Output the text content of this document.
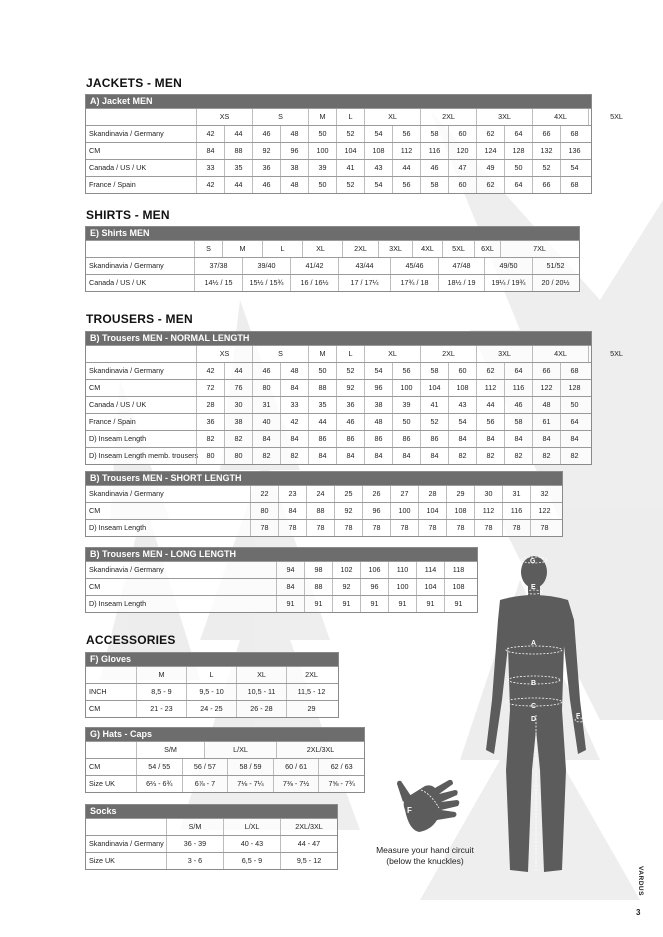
JACKETS - MEN
SHIRTS - MEN
TROUSERS - MEN
ACCESSORIES
A) Jacket MEN
XS	S	M	L	XL	2XL	3XL	4XL	5XL
Skandinavia / Germany	42	44	46	48	50	52	54	56	58	60	62	64	66	68
CM	84	88	92	96	100	104	108	112	116	120	124	128	132	136
Canada / US / UK	33	35	36	38	39	41	43	44	46	47	49	50	52	54
France / Spain	42	44	46	48	50	52	54	56	58	60	62	64	66	68
E) Shirts MEN
S	M	L	XL	2XL	3XL	4XL	5XL	6XL	7XL
Skandinavia / Germany	37/38	39/40	41/42	43/44	45/46	47/48	49/50	51/52
Canada / US / UK	14½ / 15	15½ / 15¾	16 / 16½	17 / 17¼	17¾ / 18	18½ / 19	19¼ / 19¾	20 / 20½
B) Trousers MEN - NORMAL LENGTH
XS	S	M	L	XL	2XL	3XL	4XL	5XL
Skandinavia / Germany	42	44	46	48	50	52	54	56	58	60	62	64	66	68
CM	72	76	80	84	88	92	96	100	104	108	112	116	122	128
Canada / US / UK	28	30	31	33	35	36	38	39	41	43	44	46	48	50
France / Spain	36	38	40	42	44	46	48	50	52	54	56	58	61	64
D) Inseam Length	82	82	84	84	86	86	86	86	86	84	84	84	84	84
D) Inseam Length memb. trousers	80	80	82	82	84	84	84	84	84	82	82	82	82	82
B) Trousers MEN - SHORT LENGTH
Skandinavia / Germany	22	23	24	25	26	27	28	29	30	31	32
CM	80	84	88	92	96	100	104	108	112	116	122
D) Inseam Length	78	78	78	78	78	78	78	78	78	78	78
B) Trousers MEN - LONG LENGTH
Skandinavia / Germany	94	98	102	106	110	114	118
CM	84	88	92	96	100	104	108
D) Inseam Length	91	91	91	91	91	91	91
F) Gloves
M	L	XL	2XL
INCH	8,5 - 9	9,5 - 10	10,5 - 11	11,5 - 12
CM	21 - 23	24 - 25	26 - 28	29
G) Hats - Caps
S/M	L/XL	2XL/3XL
CM	54 / 55	56 / 57	58 / 59	60 / 61	62 / 63
Size UK	6⅔ - 6¾	6⅞ - 7	7⅛ - 7¼	7⅜ - 7½	7⅝ - 7¾
Socks
S/M	L/XL	2XL/3XL
Skandinavia / Germany	36 - 39	40 - 43	44 - 47
Size UK	3 - 6	6,5 - 9	9,5 - 12
G
E
A
B
C
D	F
F
Measure your hand circuit
(below the knuckles)
VARDUS
3
